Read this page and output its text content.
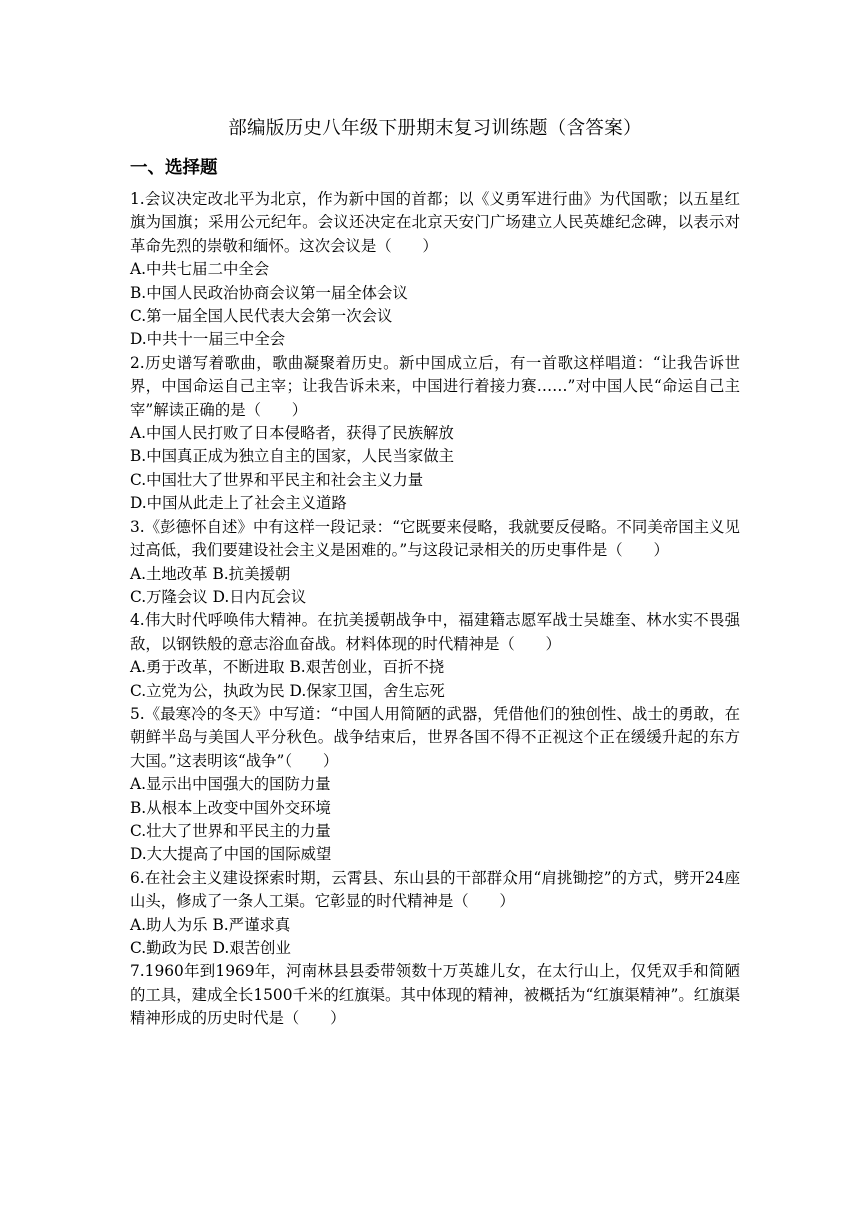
部编版历史八年级下册期末复习训练题（含答案）
一、选择题

1.会议决定改北平为北京，作为新中国的首都；以《义勇军进行曲》为代国歌；以五星红旗为国旗；采用公元纪年。会议还决定在北京天安门广场建立人民英雄纪念碑，以表示对革命先烈的崇敬和缅怀。这次会议是（　　）

A.中共七届二中全会

B.中国人民政治协商会议第一届全体会议

C.第一届全国人民代表大会第一次会议

D.中共十一届三中全会

2.历史谱写着歌曲，歌曲凝聚着历史。新中国成立后，有一首歌这样唱道：“让我告诉世界，中国命运自己主宰；让我告诉未来，中国进行着接力赛……”对中国人民“命运自己主宰”解读正确的是（　　）

A.中国人民打败了日本侵略者，获得了民族解放

B.中国真正成为独立自主的国家，人民当家做主

C.中国壮大了世界和平民主和社会主义力量

D.中国从此走上了社会主义道路

3.《彭德怀自述》中有这样一段记录：“它既要来侵略，我就要反侵略。不同美帝国主义见过高低，我们要建设社会主义是困难的。”与这段记录相关的历史事件是（　　）

A.土地改革 B.抗美援朝

C.万隆会议 D.日内瓦会议

4.伟大时代呼唤伟大精神。在抗美援朝战争中，福建籍志愿军战士吴雄奎、林水实不畏强敌，以钢铁般的意志浴血奋战。材料体现的时代精神是（　　）

A.勇于改革，不断进取 B.艰苦创业，百折不挠

C.立党为公，执政为民 D.保家卫国，舍生忘死

5.《最寒冷的冬天》中写道：“中国人用简陋的武器，凭借他们的独创性、战士的勇敢，在朝鲜半岛与美国人平分秋色。战争结束后，世界各国不得不正视这个正在缓缓升起的东方大国。”这表明该“战争”（　　）

A.显示出中国强大的国防力量

B.从根本上改变中国外交环境

C.壮大了世界和平民主的力量

D.大大提高了中国的国际威望

6.在社会主义建设探索时期，云霄县、东山县的干部群众用“肩挑锄挖”的方式，劈开24座山头，修成了一条人工渠。它彰显的时代精神是（　　）

A.助人为乐 B.严谨求真

C.勤政为民 D.艰苦创业

7.1960年到1969年，河南林县县委带领数十万英雄儿女，在太行山上，仅凭双手和简陋的工具，建成全长1500千米的红旗渠。其中体现的精神，被概括为“红旗渠精神”。红旗渠精神形成的历史时代是（　　）
